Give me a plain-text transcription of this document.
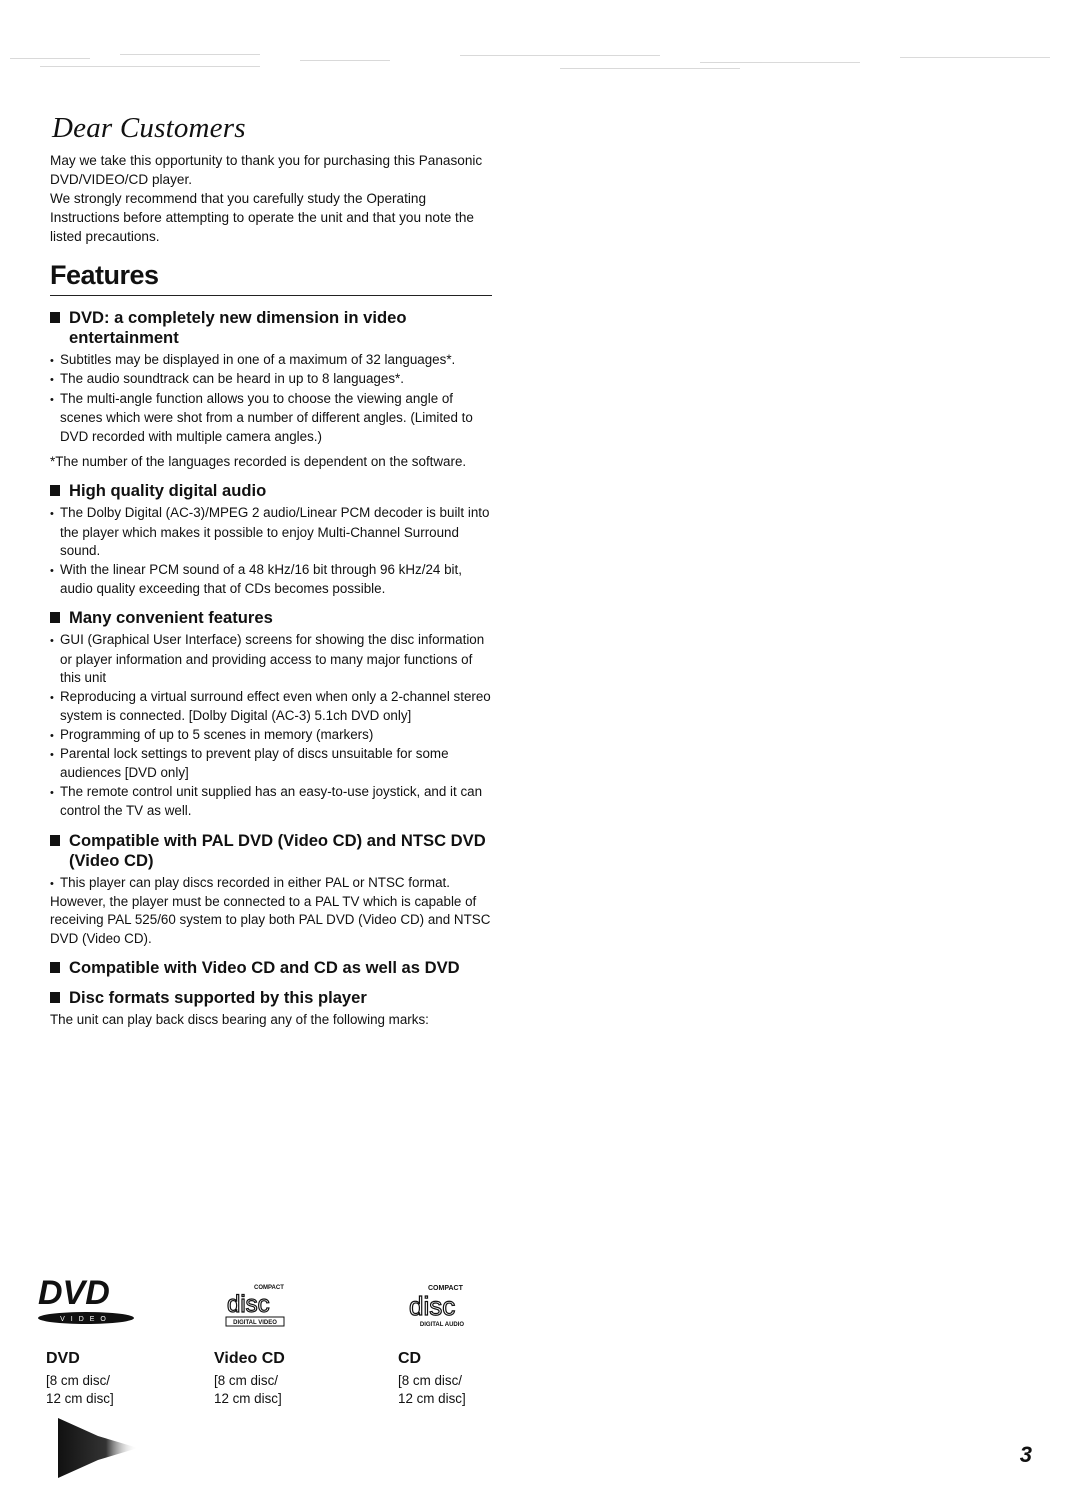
Dear Customers

May we take this opportunity to thank you for purchasing this Panasonic DVD/VIDEO/CD player.

We strongly recommend that you carefully study the Operating Instructions before attempting to operate the unit and that you note the listed precautions.

Features
DVD: a completely new dimension in video entertainment
• Subtitles may be displayed in one of a maximum of 32 languages*.
• The audio soundtrack can be heard in up to 8 languages*.
• The multi-angle function allows you to choose the viewing angle of scenes which were shot from a number of different angles. (Limited to DVD recorded with multiple camera angles.)
*The number of the languages recorded is dependent on the software.
High quality digital audio
• The Dolby Digital (AC-3)/MPEG 2 audio/Linear PCM decoder is built into the player which makes it possible to enjoy Multi-Channel Surround sound.
• With the linear PCM sound of a 48 kHz/16 bit through 96 kHz/24 bit, audio quality exceeding that of CDs becomes possible.
Many convenient features
• GUI (Graphical User Interface) screens for showing the disc information or player information and providing access to many major functions of this unit
• Reproducing a virtual surround effect even when only a 2-channel stereo system is connected. [Dolby Digital (AC-3) 5.1ch DVD only]
• Programming of up to 5 scenes in memory (markers)
• Parental lock settings to prevent play of discs unsuitable for some audiences [DVD only]
• The remote control unit supplied has an easy-to-use joystick, and it can control the TV as well.
Compatible with PAL DVD (Video CD) and NTSC DVD (Video CD)
• This player can play discs recorded in either PAL or NTSC format.

However, the player must be connected to a PAL TV which is capable of receiving PAL 525/60 system to play both PAL DVD (Video CD) and NTSC DVD (Video CD).

Compatible with Video CD and CD as well as DVD
Disc formats supported by this player

The unit can play back discs bearing any of the following marks:

DVD
VIDEO
COMPACT
disc
DIGITAL VIDEO
COMPACT
disc
DIGITAL AUDIO
DVD
[8 cm disc/
12 cm disc]
Video CD
[8 cm disc/
12 cm disc]
CD
[8 cm disc/
12 cm disc]
3
